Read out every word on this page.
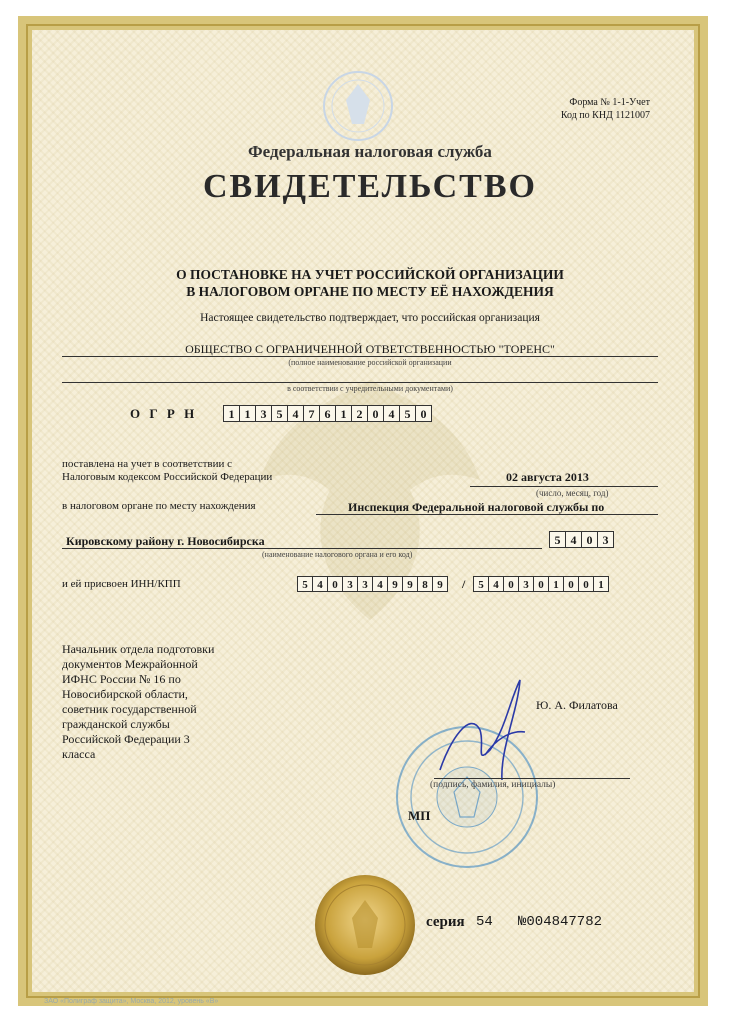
Форма № 1-1-Учет
Код по КНД 1121007
Федеральная налоговая служба
СВИДЕТЕЛЬСТВО
О ПОСТАНОВКЕ НА УЧЕТ РОССИЙСКОЙ ОРГАНИЗАЦИИ
В НАЛОГОВОМ ОРГАНЕ ПО МЕСТУ ЕЁ НАХОЖДЕНИЯ
Настоящее свидетельство подтверждает, что российская организация
ОБЩЕСТВО С ОГРАНИЧЕННОЙ ОТВЕТСТВЕННОСТЬЮ "ТОРЕНС"
(полное наименование российской организации
в соответствии с учредительными документами)
О Г Р Н	1 1 3 5 4 7 6 1 2 0 4 5 0
поставлена на учет в соответствии с
Налоговым кодексом Российской Федерации	02 августа 2013
(число, месяц, год)
в налоговом органе по месту нахождения	Инспекция Федеральной налоговой службы по
Кировскому району г. Новосибирска	5 4 0 3
(наименование налогового органа и его код)
и ей присвоен ИНН/КПП	5 4 0 3 3 4 9 9 8 9	/	5 4 0 3 0 1 0 0 1
Начальник отдела подготовки
документов Межрайонной
ИФНС России № 16 по
Новосибирской области,
советник государственной
гражданской службы
Российской Федерации 3
класса
Ю. А. Филатова
(подпись, фамилия, инициалы)
МП
серия 54 №004847782
ЗАО «Полиграф защита», Москва, 2012, уровень «В»
